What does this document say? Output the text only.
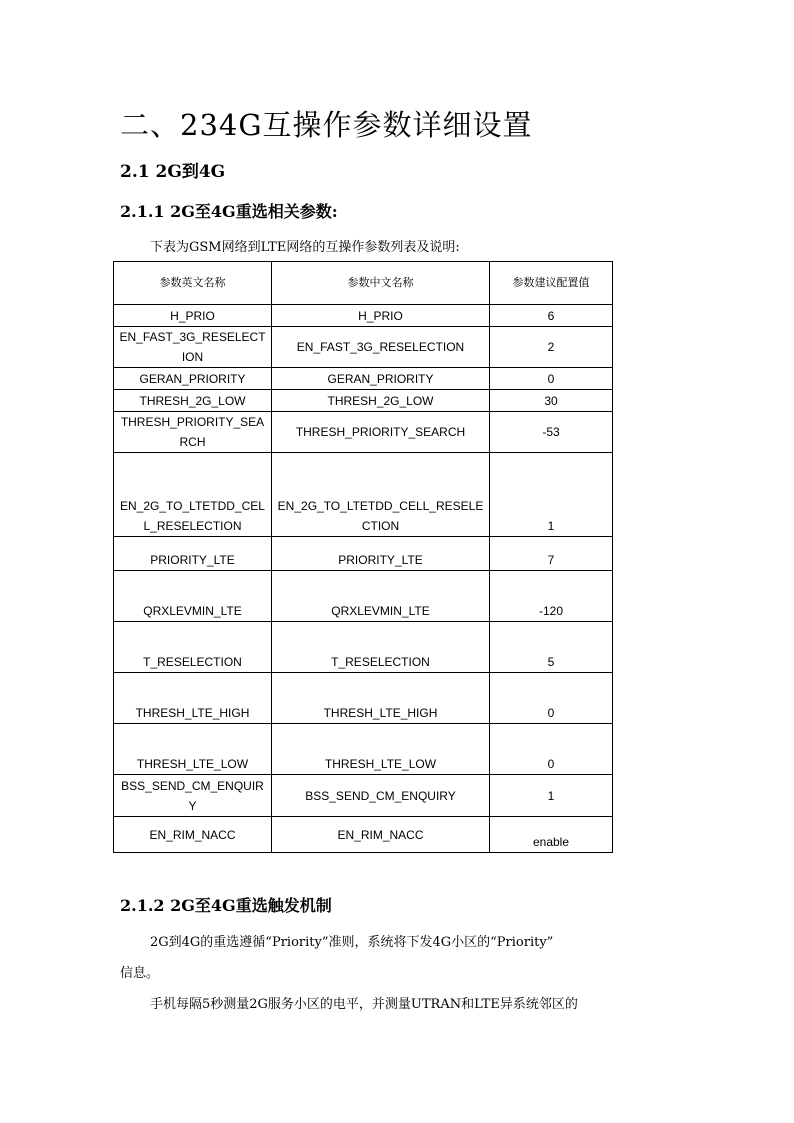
二、234G互操作参数详细设置
2.1 2G到4G
2.1.1 2G至4G重选相关参数:
下表为GSM网络到LTE网络的互操作参数列表及说明:
参数英文名称	参数中文名称	参数建议配置值
H_PRIO	H_PRIO	6
EN_FAST_3G_RESELECTION	EN_FAST_3G_RESELECTION	2
GERAN_PRIORITY	GERAN_PRIORITY	0
THRESH_2G_LOW	THRESH_2G_LOW	30
THRESH_PRIORITY_SEARCH	THRESH_PRIORITY_SEARCH	-53
EN_2G_TO_LTETDD_CELL_RESELECTION	EN_2G_TO_LTETDD_CELL_RESELECTION	1
PRIORITY_LTE	PRIORITY_LTE	7
QRXLEVMIN_LTE	QRXLEVMIN_LTE	-120
T_RESELECTION	T_RESELECTION	5
THRESH_LTE_HIGH	THRESH_LTE_HIGH	0
THRESH_LTE_LOW	THRESH_LTE_LOW	0
BSS_SEND_CM_ENQUIRY	BSS_SEND_CM_ENQUIRY	1
EN_RIM_NACC	EN_RIM_NACC	enable
2.1.2 2G至4G重选触发机制
2G到4G的重选遵循“Priority”准则，系统将下发4G小区的“Priority”
信息。
手机每隔5秒测量2G服务小区的电平，并测量UTRAN和LTE异系统邻区的
